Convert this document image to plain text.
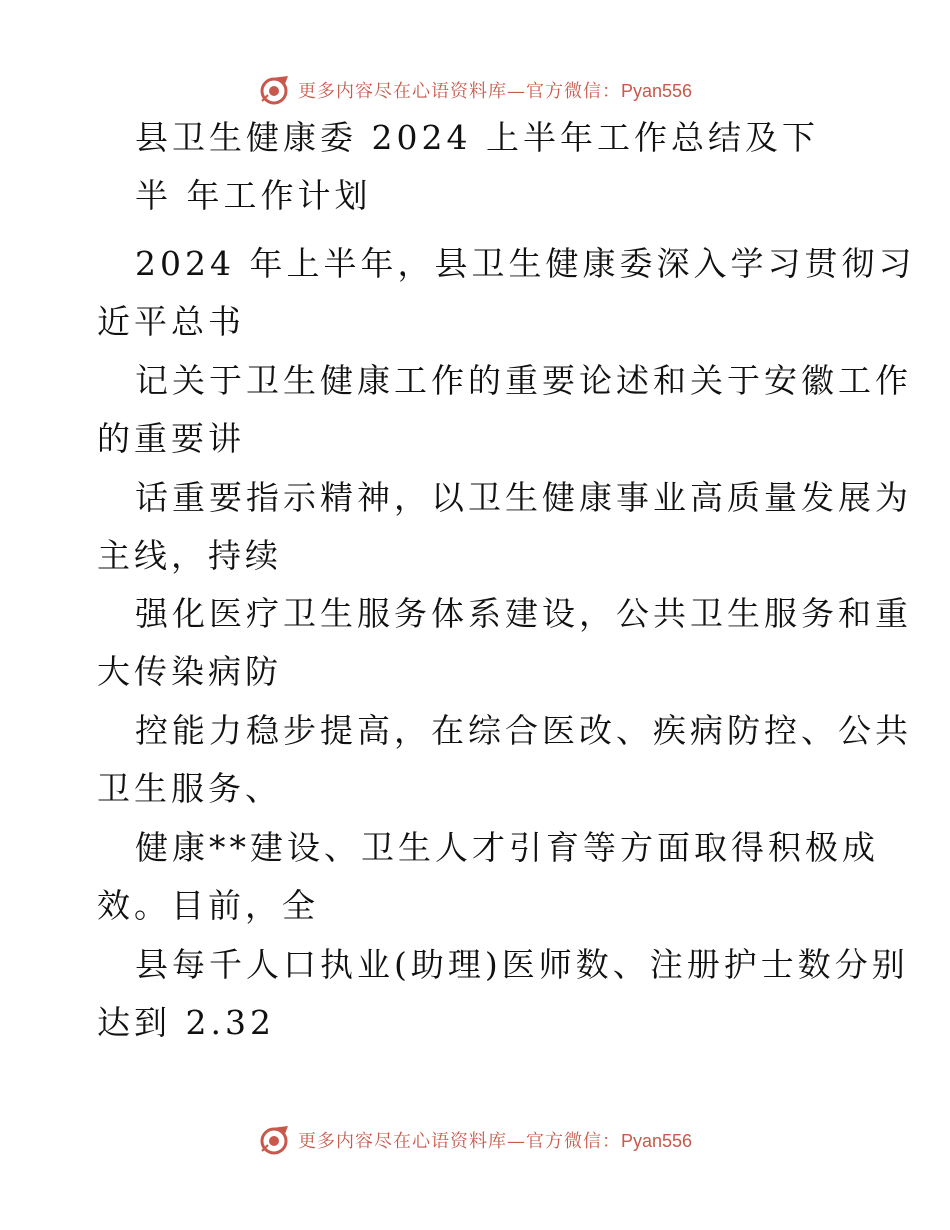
更多内容尽在心语资料库—官方微信：Pyan556
县卫生健康委 2024 上半年工作总结及下
半 年工作计划
2024 年上半年，县卫生健康委深入学习贯彻习
近平总书
记关于卫生健康工作的重要论述和关于安徽工作
的重要讲
话重要指示精神，以卫生健康事业高质量发展为
主线，持续
强化医疗卫生服务体系建设，公共卫生服务和重
大传染病防
控能力稳步提高，在综合医改、疾病防控、公共
卫生服务、
健康**建设、卫生人才引育等方面取得积极成
效。目前，全
县每千人口执业(助理)医师数、注册护士数分别
达到 2.32
更多内容尽在心语资料库—官方微信：Pyan556
